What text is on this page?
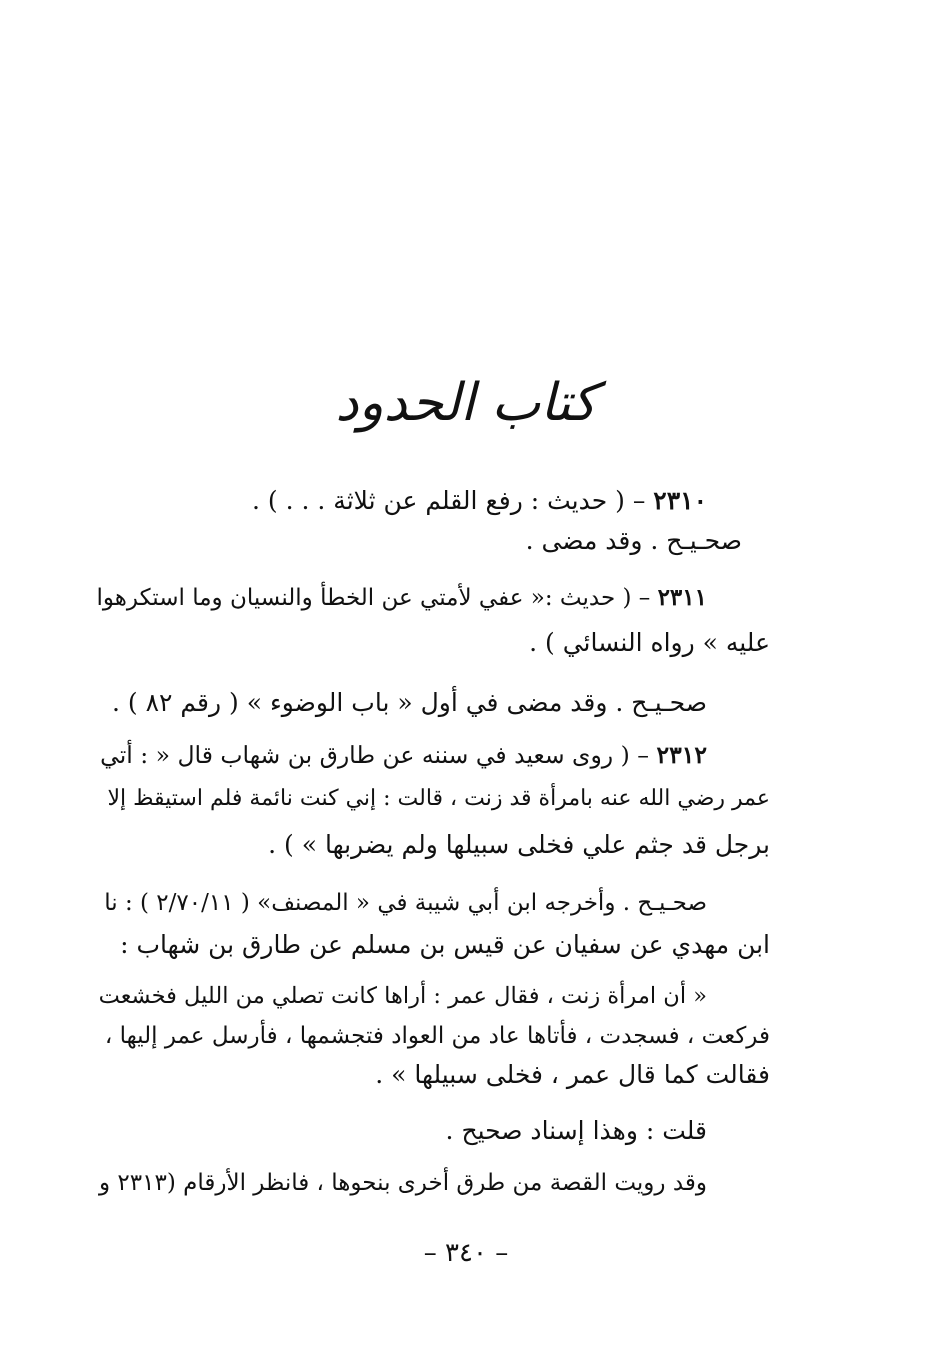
كتاب الحدود
٢٣١٠ – ( حديث : رفع القلم عن ثلاثة . . . ) .
صحـيـح . وقد مضى .
٢٣١١ – ( حديث :« عفي لأمتي عن الخطأ والنسيان وما استكرهوا
عليه » رواه النسائي ) .
صحـيـح . وقد مضى في أول « باب الوضوء » ( رقم ٨٢ ) .
٢٣١٢ – ( روى سعيد في سننه عن طارق بن شهاب قال « : أتي
عمر رضي الله عنه بامرأة قد زنت ، قالت : إني كنت نائمة فلم استيقظ إلا
برجل قد جثم علي فخلى سبيلها ولم يضربها » ) .
صحـيـح . وأخرجه ابن أبي شيبة في « المصنف» ( ٢/٧٠/١١ ) : نا
ابن مهدي عن سفيان عن قيس بن مسلم عن طارق بن شهاب :
« أن امرأة زنت ، فقال عمر : أراها كانت تصلي من الليل فخشعت
فركعت ، فسجدت ، فأتاها عاد من العواد فتجشمها ، فأرسل عمر إليها ،
فقالت كما قال عمر ، فخلى سبيلها » .
قلت : وهذا إسناد صحيح .
وقد رويت القصة من طرق أخرى بنحوها ، فانظر الأرقام (٢٣١٣ و
– ٣٤٠ –
